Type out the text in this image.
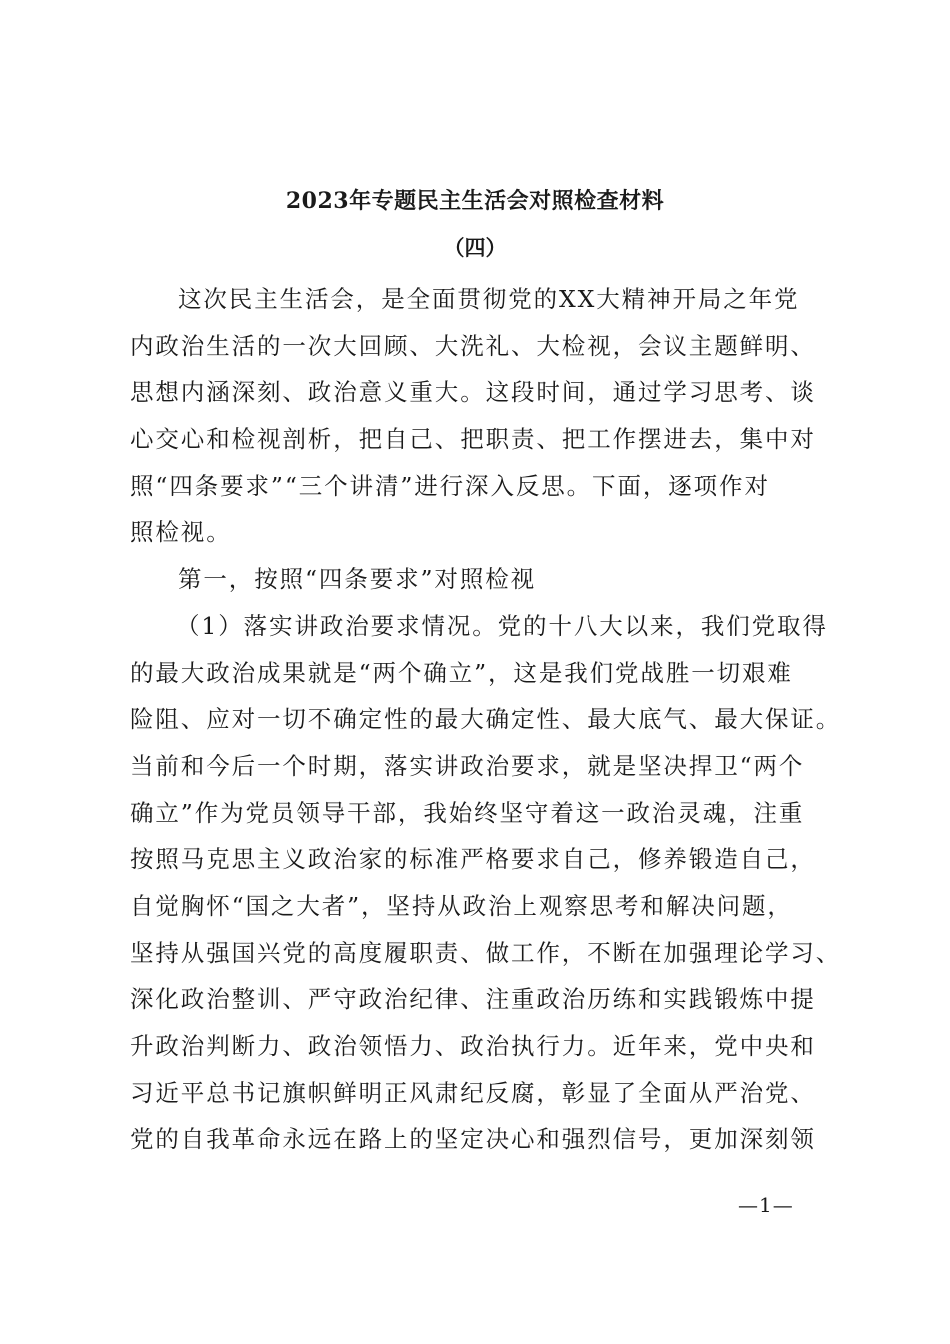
2023年专题民主生活会对照检查材料
（四）
这次民主生活会，是全面贯彻党的XX大精神开局之年党
内政治生活的一次大回顾、大洗礼、大检视，会议主题鲜明、
思想内涵深刻、政治意义重大。这段时间，通过学习思考、谈
心交心和检视剖析，把自己、把职责、把工作摆进去，集中对
照“四条要求”“三个讲清”进行深入反思。下面，逐项作对
照检视。
第一，按照“四条要求”对照检视
（1）落实讲政治要求情况。党的十八大以来，我们党取得
的最大政治成果就是“两个确立”，这是我们党战胜一切艰难
险阻、应对一切不确定性的最大确定性、最大底气、最大保证。
当前和今后一个时期，落实讲政治要求，就是坚决捍卫“两个
确立”作为党员领导干部，我始终坚守着这一政治灵魂，注重
按照马克思主义政治家的标准严格要求自己，修养锻造自己，
自觉胸怀“国之大者”，坚持从政治上观察思考和解决问题，
坚持从强国兴党的高度履职责、做工作，不断在加强理论学习、
深化政治整训、严守政治纪律、注重政治历练和实践锻炼中提
升政治判断力、政治领悟力、政治执行力。近年来，党中央和
习近平总书记旗帜鲜明正风肃纪反腐，彰显了全面从严治党、
党的自我革命永远在路上的坚定决心和强烈信号，更加深刻领
—1—
